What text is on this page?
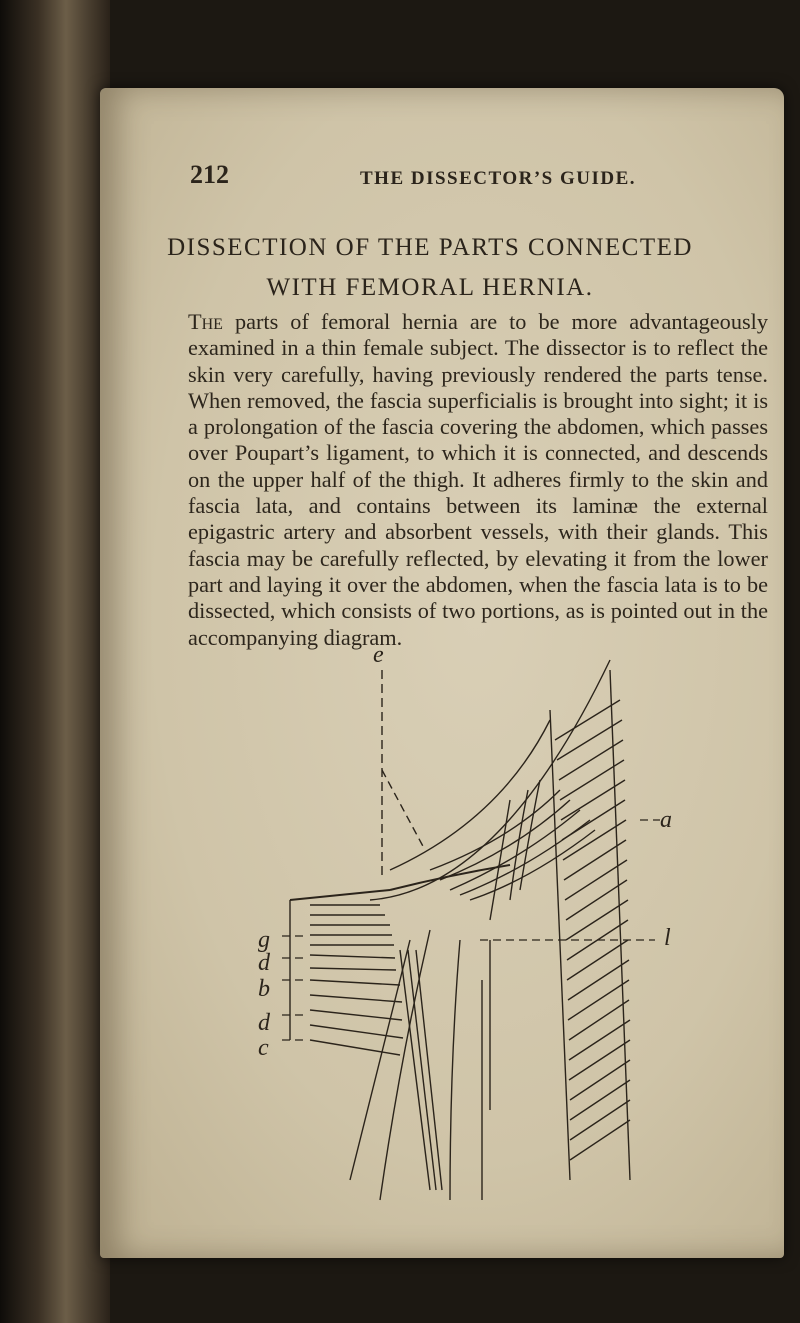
212	THE DISSECTOR’S GUIDE.
DISSECTION OF THE PARTS CONNECTED
WITH FEMORAL HERNIA.
The parts of femoral hernia are to be more advantageously examined in a thin female subject. The dissector is to reflect the skin very carefully, having previously rendered the parts tense. When removed, the fascia superficialis is brought into sight; it is a prolongation of the fascia covering the abdomen, which passes over Poupart’s ligament, to which it is connected, and descends on the upper half of the thigh. It adheres firmly to the skin and fascia lata, and contains between its laminæ the external epigastric artery and absorbent vessels, with their glands. This fascia may be carefully reflected, by elevating it from the lower part and laying it over the abdomen, when the fascia lata is to be dissected, which consists of two portions, as is pointed out in the accompanying diagram.
e
a
l
g
d
b
d
c
